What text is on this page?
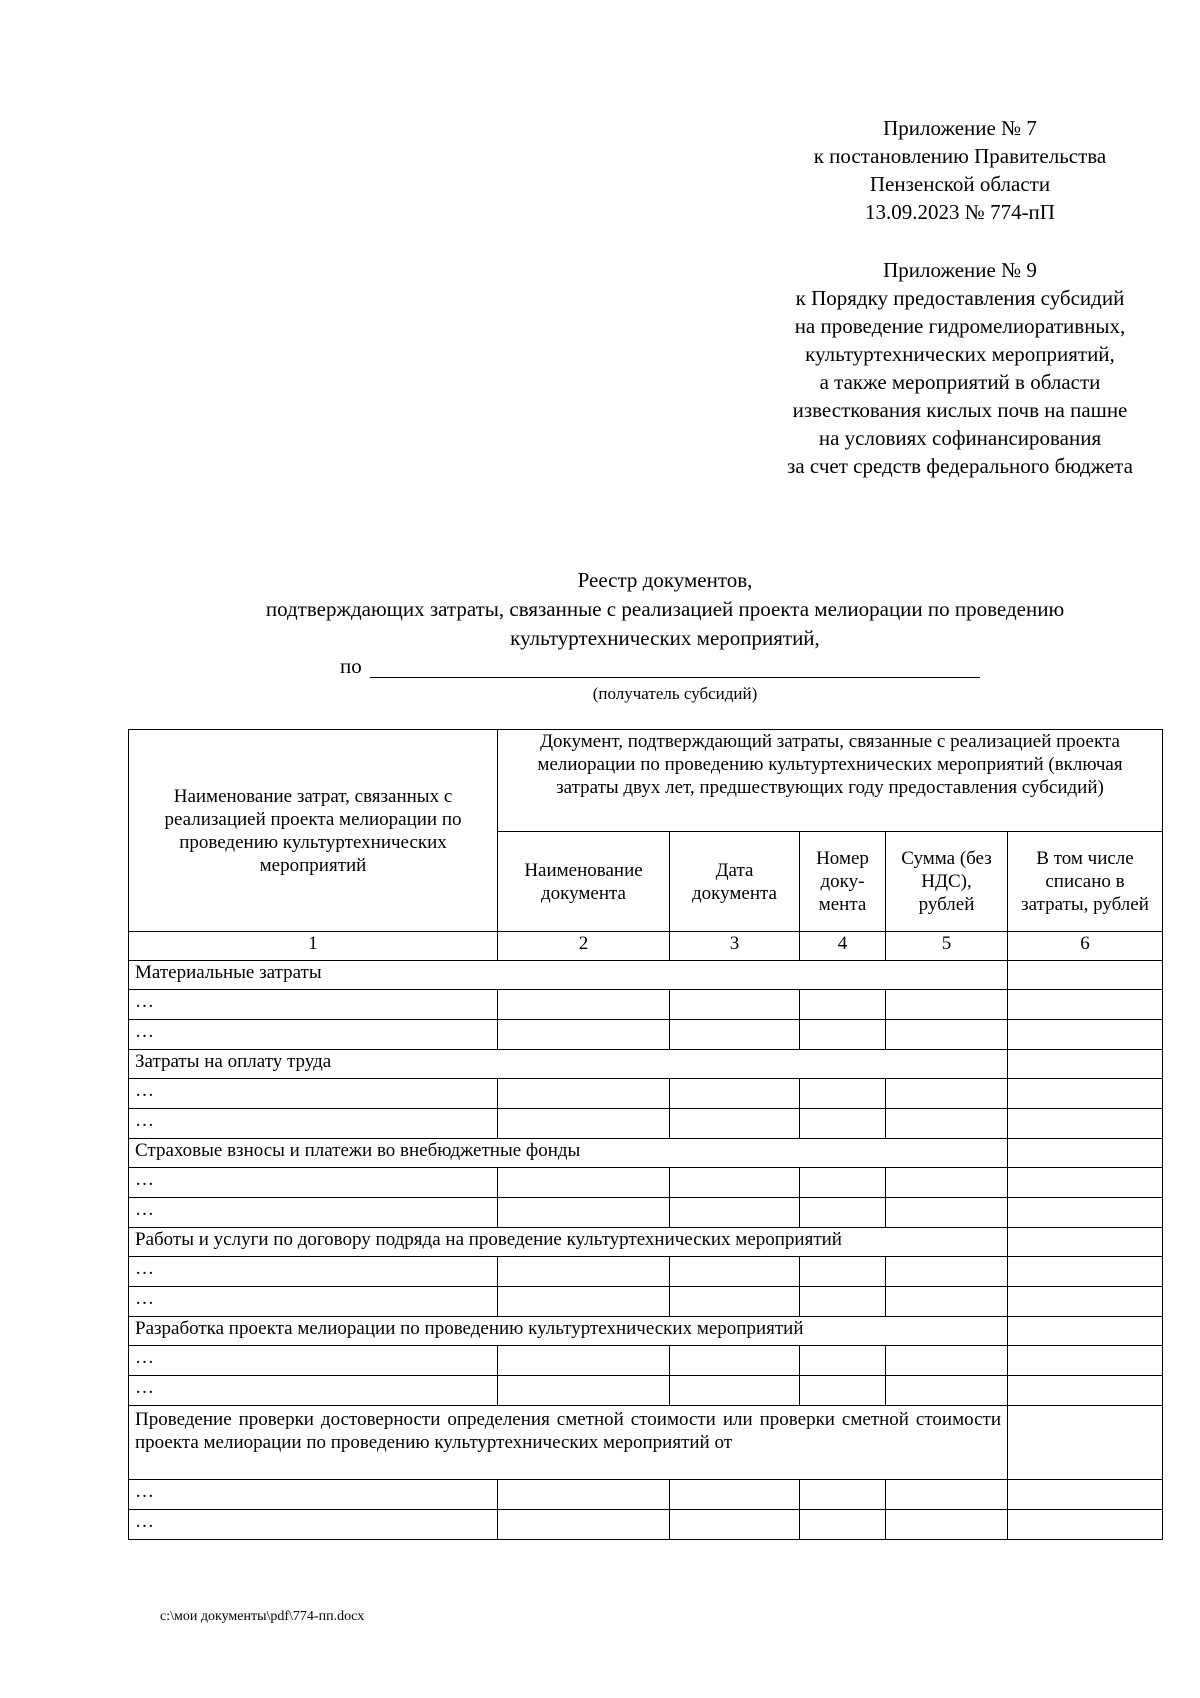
Приложение № 7
к постановлению Правительства
Пензенской области
13.09.2023 № 774-пП
Приложение № 9
к Порядку предоставления субсидий
на проведение гидромелиоративных,
культуртехнических мероприятий,
а также мероприятий в области
известкования кислых почв на пашне
на условиях софинансирования
за счет средств федерального бюджета
Реестр документов,
подтверждающих затраты, связанные с реализацией проекта мелиорации по проведению
культуртехнических мероприятий,
по
(получатель субсидий)
Наименование затрат, связанных с реализацией проекта мелиорации по проведению культуртехнических мероприятий	Документ, подтверждающий затраты, связанные с реализацией проекта мелиорации по проведению культуртехнических мероприятий (включая затраты двух лет, предшествующих году предоставления субсидий)				
	Наименование документа	Дата документа	Номер доку-мента	Сумма (без НДС), рублей	В том числе списано в затраты, рублей
1	2	3	4	5	6
Материальные затраты					
…					
…					
Затраты на оплату труда					
…					
…					
Страховые взносы и платежи во внебюджетные фонды					
…					
…					
Работы и услуги по договору подряда на проведение культуртехнических мероприятий					
…					
…					
Разработка проекта мелиорации по проведению культуртехнических мероприятий					
…					
…					
Проведение проверки достоверности определения сметной стоимости или проверки сметной стоимости проекта мелиорации по проведению культуртехнических мероприятий от					
…					
…					
c:\мои документы\pdf\774-пп.docx
